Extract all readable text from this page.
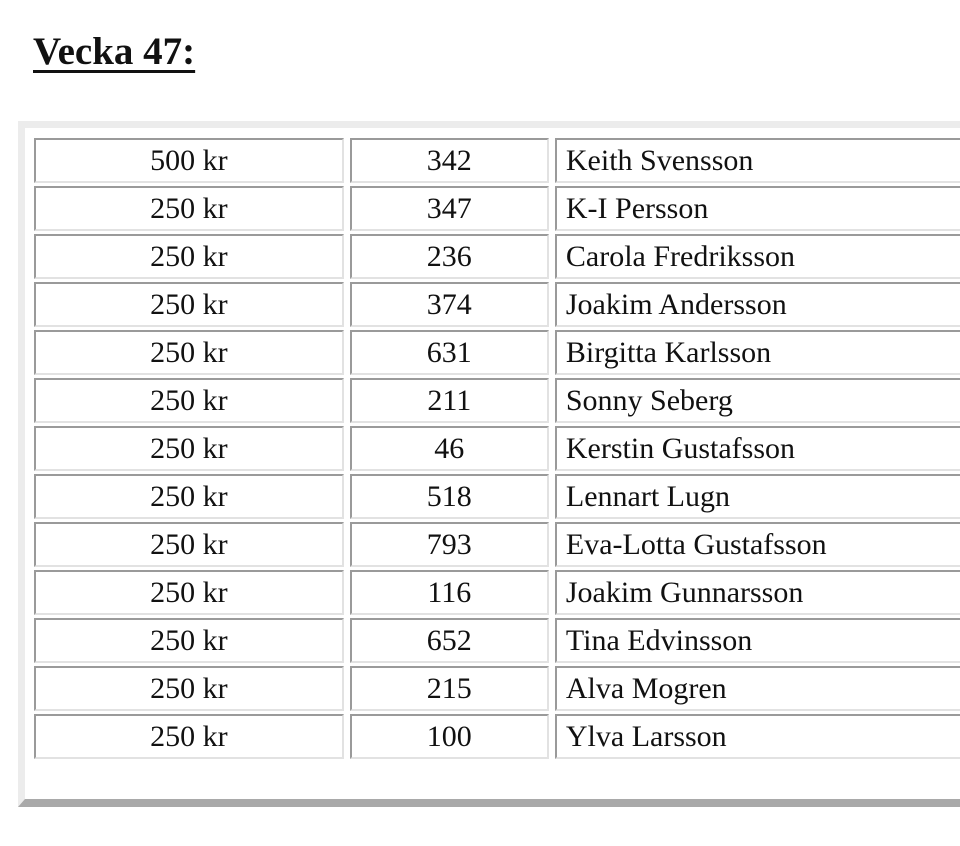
Vecka 47:
500 kr	342	Keith Svensson
250 kr	347	K-I Persson
250 kr	236	Carola Fredriksson
250 kr	374	Joakim Andersson
250 kr	631	Birgitta Karlsson
250 kr	211	Sonny Seberg
250 kr	46	Kerstin Gustafsson
250 kr	518	Lennart Lugn
250 kr	793	Eva-Lotta Gustafsson
250 kr	116	Joakim Gunnarsson
250 kr	652	Tina Edvinsson
250 kr	215	Alva Mogren
250 kr	100	Ylva Larsson
